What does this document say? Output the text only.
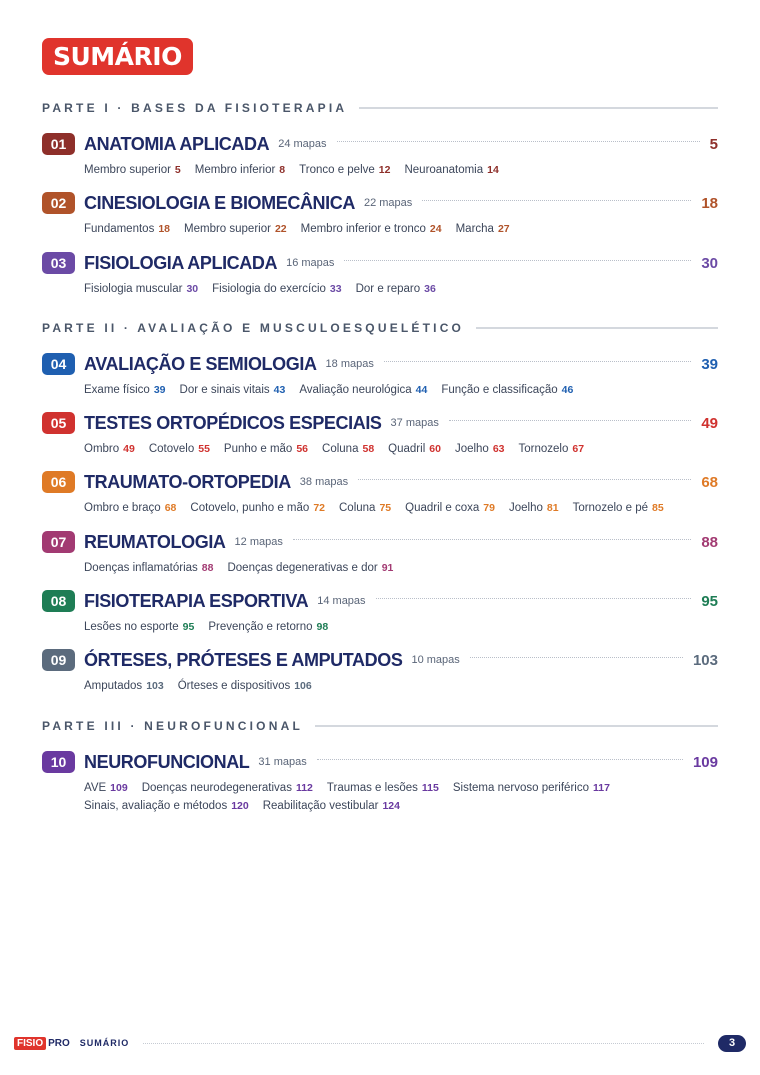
SUMÁRIO
PARTE I · BASES DA FISIOTERAPIA
PARTE II · AVALIAÇÃO E MUSCULOESQUELÉTICO
PARTE III · NEUROFUNCIONAL
01 ANATOMIA APLICADA 24 mapas	5
Membro superior 5 Membro inferior 8 Tronco e pelve 12 Neuroanatomia 14
02 CINESIOLOGIA E BIOMECÂNICA 22 mapas	18
Fundamentos 18 Membro superior 22 Membro inferior e tronco 24 Marcha 27
03 FISIOLOGIA APLICADA 16 mapas	30
Fisiologia muscular 30 Fisiologia do exercício 33 Dor e reparo 36
04 AVALIAÇÃO E SEMIOLOGIA 18 mapas	39
Exame físico 39 Dor e sinais vitais 43 Avaliação neurológica 44 Função e classificação 46
05 TESTES ORTOPÉDICOS ESPECIAIS 37 mapas	49
Ombro 49 Cotovelo 55 Punho e mão 56 Coluna 58 Quadril 60 Joelho 63 Tornozelo 67
06 TRAUMATO-ORTOPEDIA 38 mapas	68
Ombro e braço 68 Cotovelo, punho e mão 72 Coluna 75 Quadril e coxa 79 Joelho 81 Tornozelo e pé 85
07 REUMATOLOGIA 12 mapas	88
Doenças inflamatórias 88 Doenças degenerativas e dor 91
08 FISIOTERAPIA ESPORTIVA 14 mapas	95
Lesões no esporte 95 Prevenção e retorno 98
09 ÓRTESES, PRÓTESES E AMPUTADOS 10 mapas	103
Amputados 103 Órteses e dispositivos 106
10 NEUROFUNCIONAL 31 mapas	109
AVE 109 Doenças neurodegenerativas 112 Traumas e lesões 115 Sistema nervoso periférico 117Sinais, avaliação e métodos 120 Reabilitação vestibular 124
FISIO PRO SUMÁRIO	3
